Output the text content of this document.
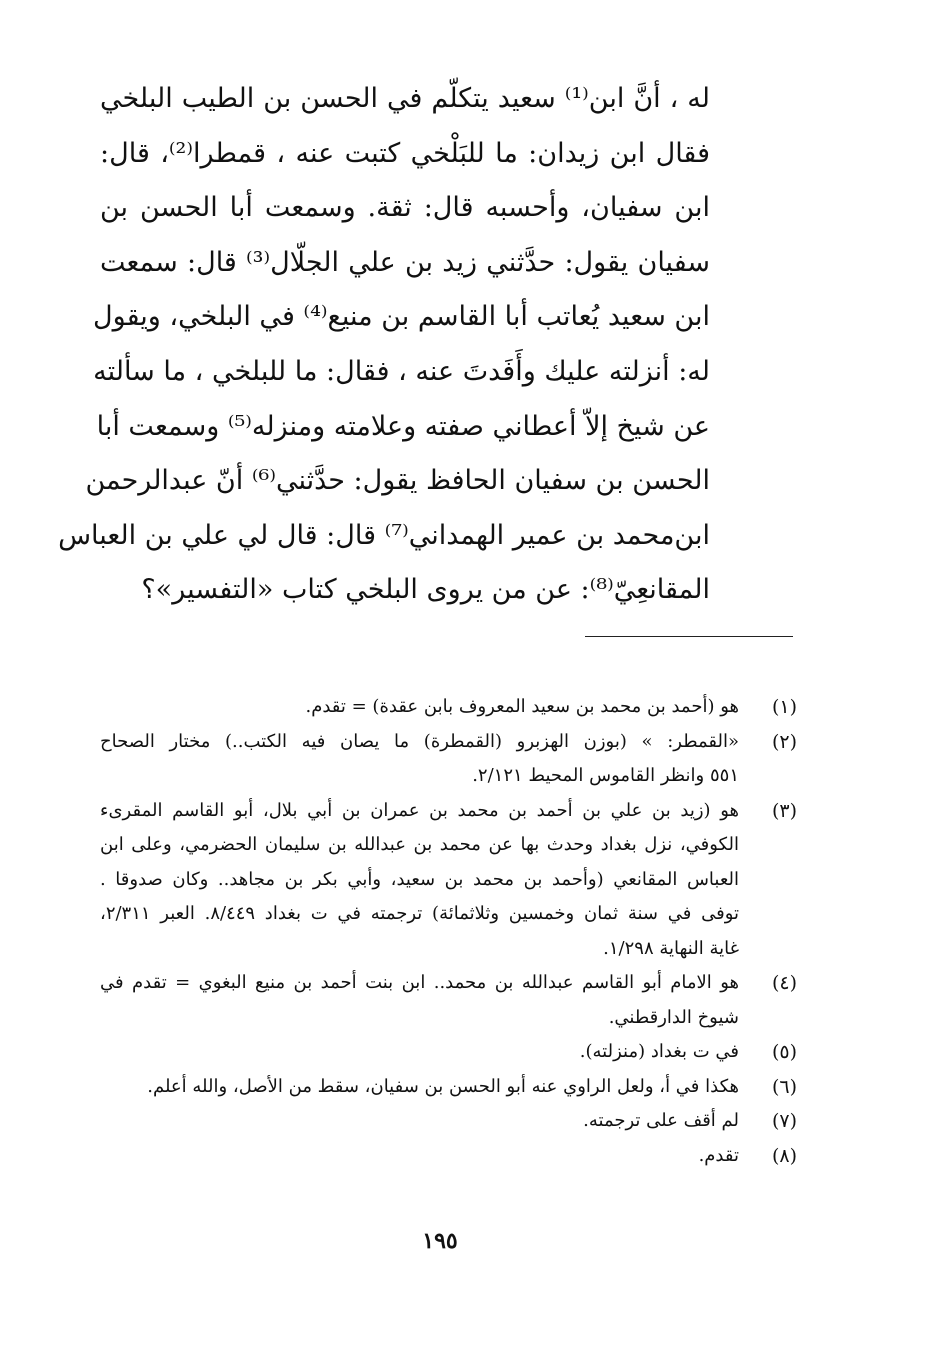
له ، أنَّ ابن⁽¹⁾ سعيد يتكلّم في الحسن بن الطيب البلخي
فقال ابن زيدان: ما للبَلْخي كتبت عنه ، قمطرا⁽²⁾، قال:
ابن سفيان، وأحسبه قال: ثقة. وسمعت أبا الحسن بن
سفيان يقول: حدَّثني زيد بن علي الجلّال⁽³⁾ قال: سمعت
ابن سعيد يُعاتب أبا القاسم بن منيع⁽⁴⁾ في البلخي، ويقول
له: أنزلته عليك وأَفَدتَ عنه ، فقال: ما للبلخي ، ما سألته
عن شيخ إلاّ أعطاني صفته وعلامته ومنزله⁽⁵⁾ وسمعت أبا
الحسن بن سفيان الحافظ يقول: حدَّثني⁽⁶⁾ أنّ عبدالرحمن
ابن‌محمد بن عمير الهمداني⁽⁷⁾ قال: قال لي علي بن العباس
المقانعِيّ⁽⁸⁾: عن من يروى البلخي كتاب «التفسير»؟
(١)
هو (أحمد بن محمد بن سعيد المعروف بابن عقدة) = تقدم.
(٢)
«القمطر: » (بوزن الهزبرو (القمطرة) ما يصان فيه الكتب..) مختار الصحاح
٥٥١ وانظر القاموس المحيط ٢/١٢١.
(٣)
هو (زيد بن علي بن أحمد بن محمد بن عمران بن أبي بلال، أبو القاسم المقرىء
الكوفي، نزل بغداد وحدث بها عن محمد بن عبدالله بن سليمان الحضرمي، وعلى ابن
العباس المقانعي (وأحمد بن محمد بن سعيد، وأبي بكر بن مجاهد.. وكان صدوقا .
توفى في سنة ثمان وخمسين وثلاثمائة) ترجمته في ت بغداد ٨/٤٤٩. العبر ٢/٣١١،
غاية النهاية ١/٢٩٨.
(٤)
هو الامام أبو القاسم عبدالله بن محمد.. ابن بنت أحمد بن منيع البغوي = تقدم في
شيوخ الدارقطني.
(٥)
في ت بغداد (منزلته).
(٦)
هكذا في أ، ولعل الراوي عنه أبو الحسن بن سفيان، سقط من الأصل، والله أعلم.
(٧)
لم أقف على ترجمته.
(٨)
تقدم.
١٩٥
